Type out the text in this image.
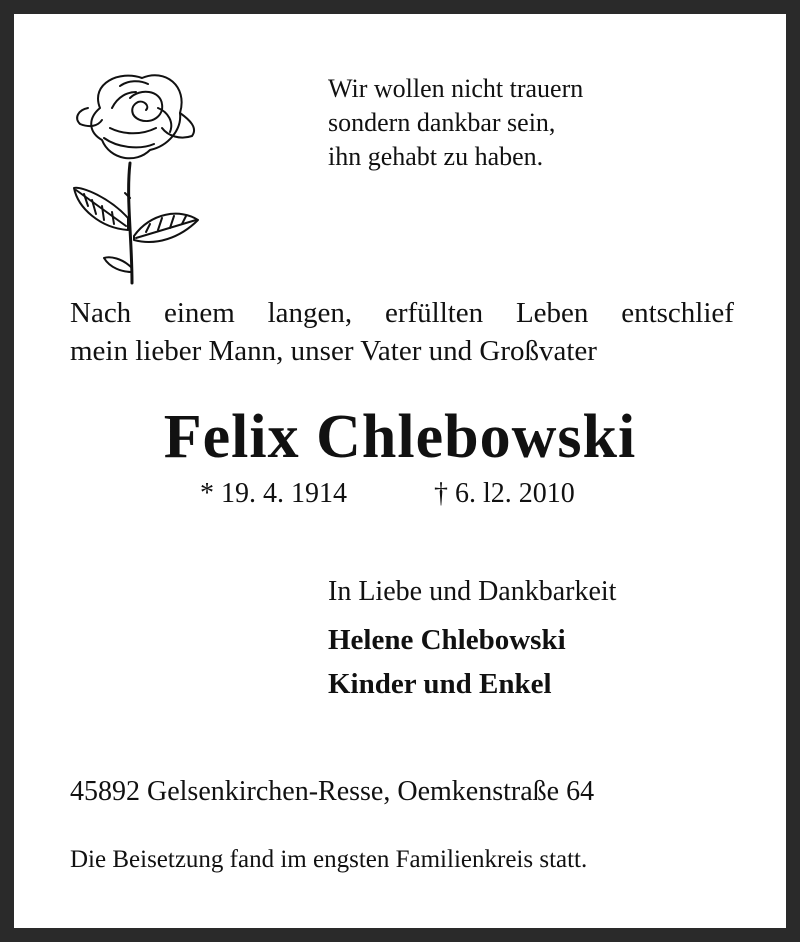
Wir wollen nicht trauern
sondern dankbar sein,
ihn gehabt zu haben.
Nach einem langen, erfüllten Leben entschlief
mein lieber Mann, unser Vater und Großvater
Felix Chlebowski
* 19. 4. 1914	† 6. l2. 2010
In Liebe und Dankbarkeit
Helene Chlebowski
Kinder und Enkel
45892 Gelsenkirchen-Resse, Oemkenstraße 64
Die Beisetzung fand im engsten Familienkreis statt.
